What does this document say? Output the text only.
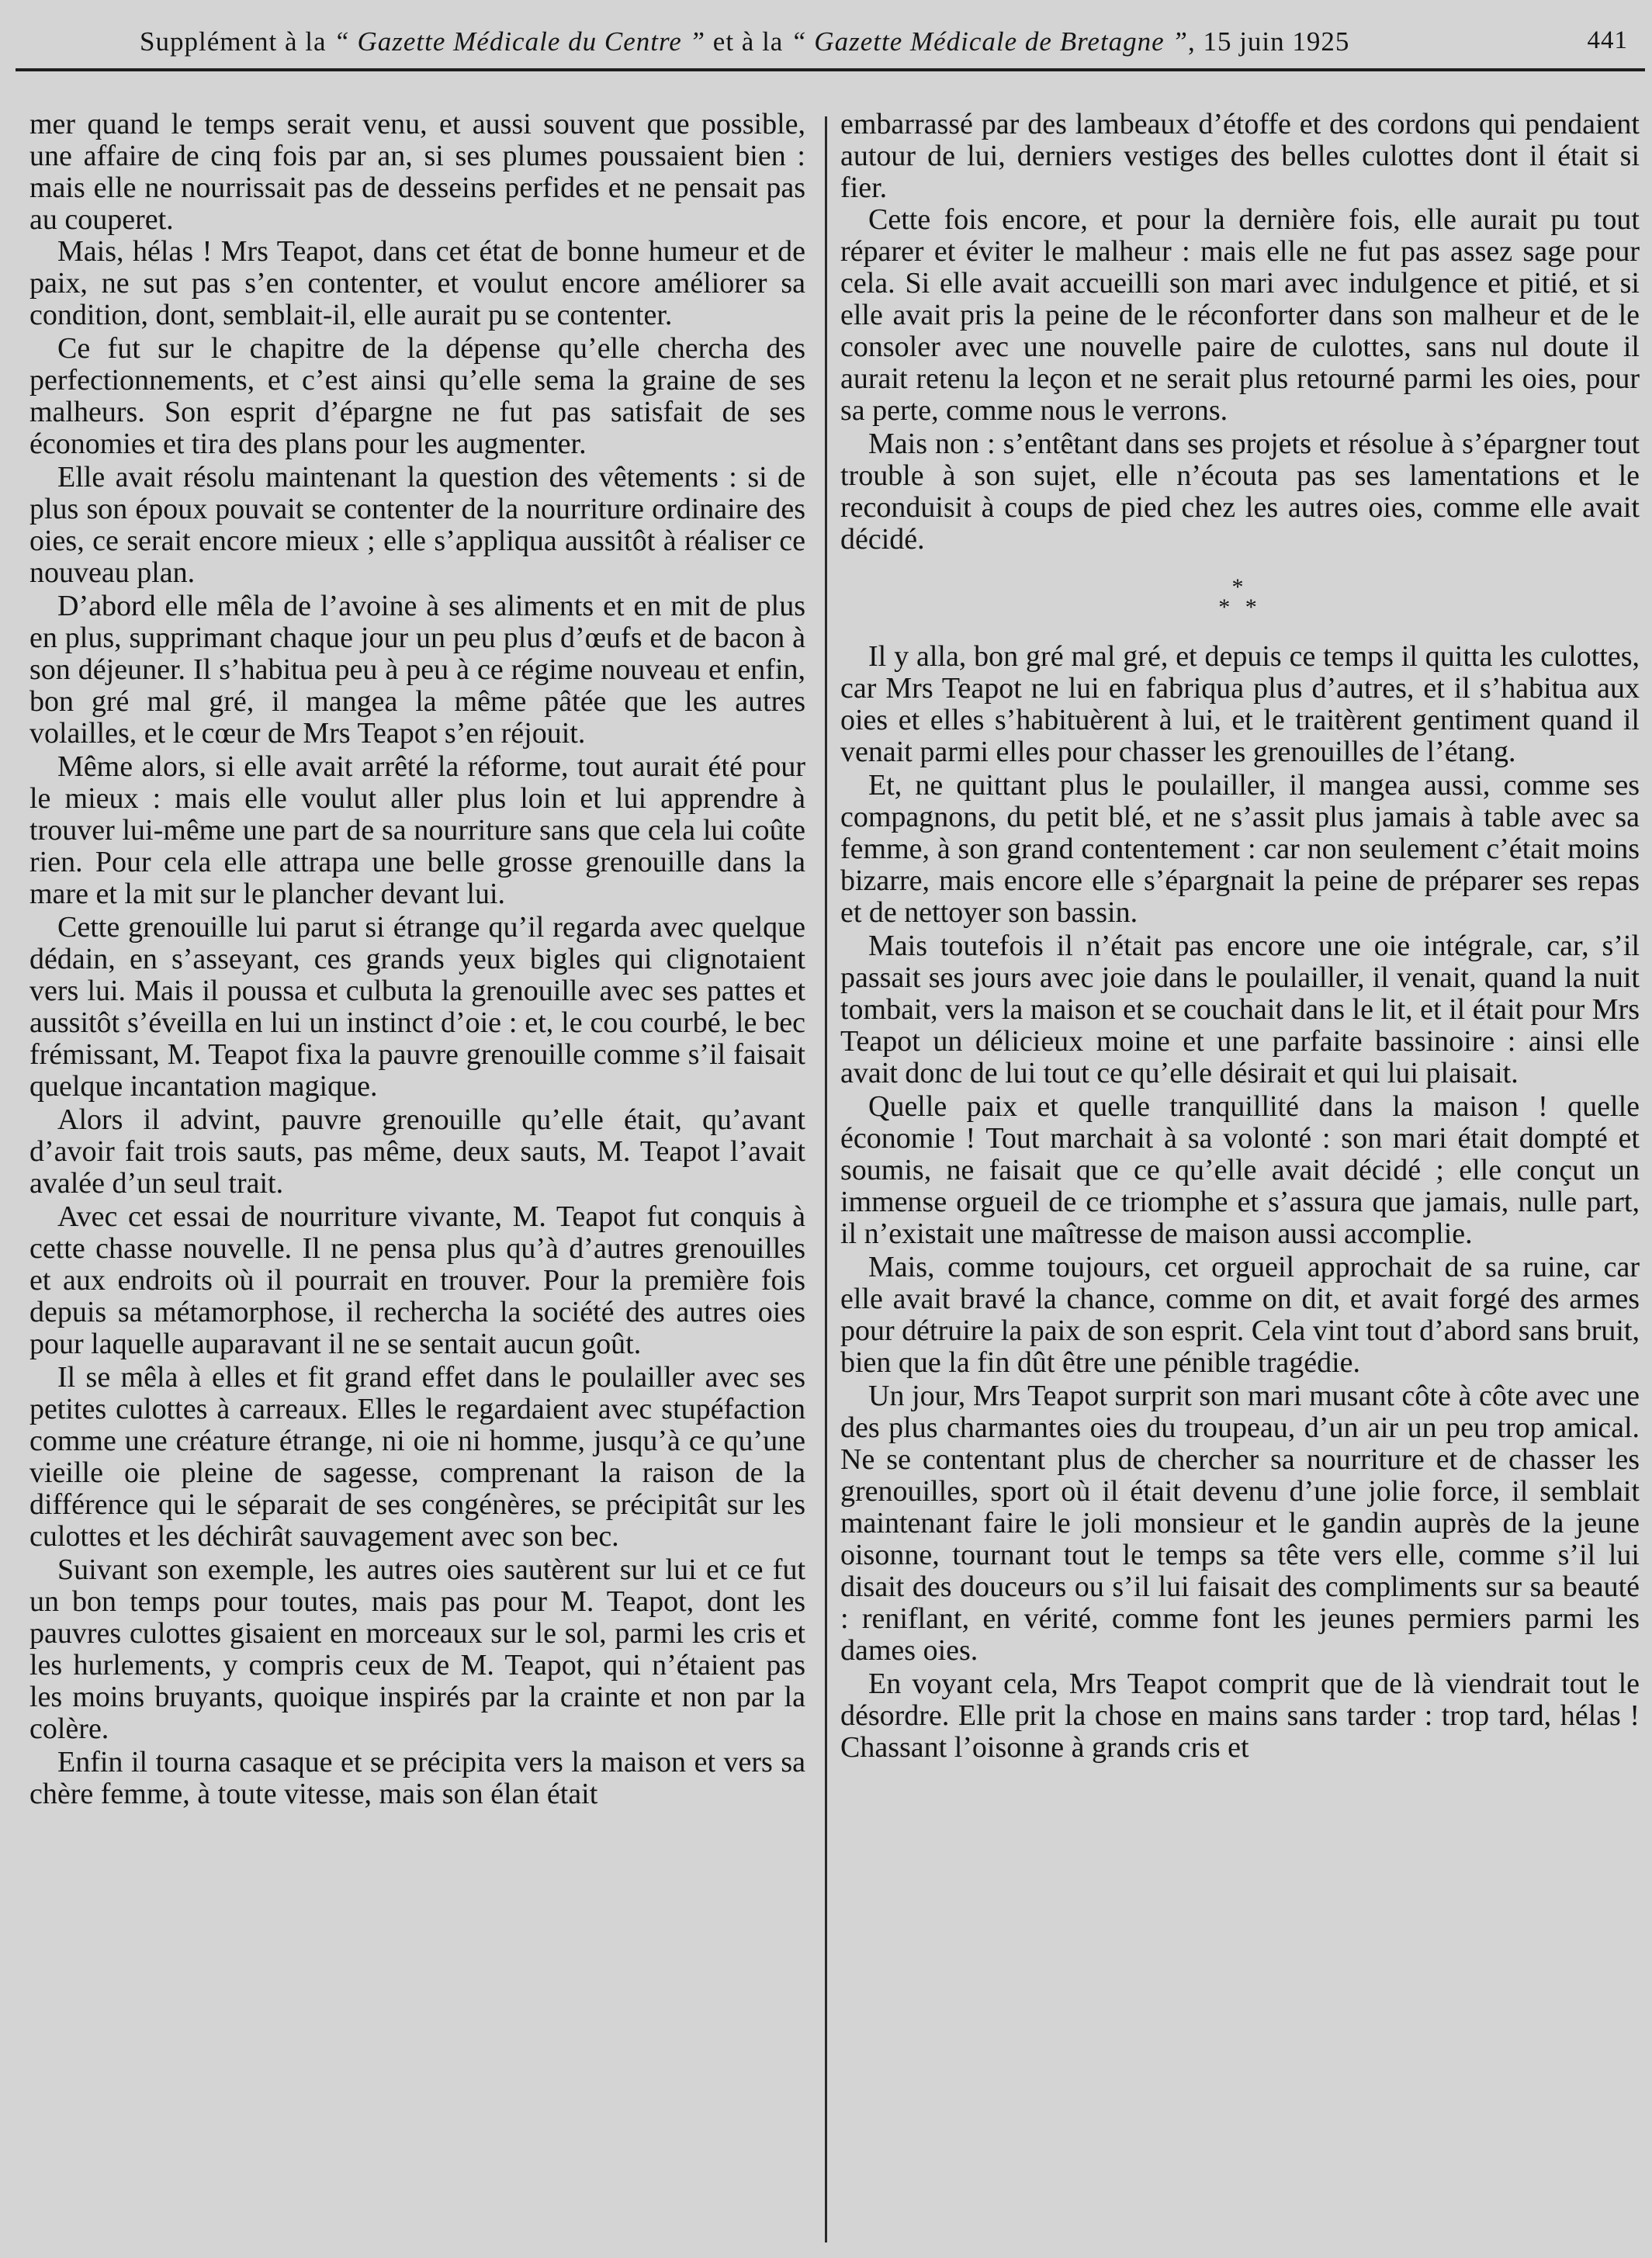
Supplément à la “ Gazette Médicale du Centre ” et à la “ Gazette Médicale de Bretagne ”, 15 juin 1925	441

mer quand le temps serait venu, et aussi souvent que possible, une affaire de cinq fois par an, si ses plumes poussaient bien : mais elle ne nourrissait pas de desseins perfides et ne pensait pas au couperet.

Mais, hélas ! Mrs Teapot, dans cet état de bonne humeur et de paix, ne sut pas s’en contenter, et voulut encore améliorer sa condition, dont, semblait-il, elle aurait pu se contenter.

Ce fut sur le chapitre de la dépense qu’elle chercha des perfectionnements, et c’est ainsi qu’elle sema la graine de ses malheurs. Son esprit d’épargne ne fut pas satisfait de ses économies et tira des plans pour les augmenter.

Elle avait résolu maintenant la question des vêtements : si de plus son époux pouvait se contenter de la nourriture ordinaire des oies, ce serait encore mieux ; elle s’appliqua aussitôt à réaliser ce nouveau plan.

D’abord elle mêla de l’avoine à ses aliments et en mit de plus en plus, supprimant chaque jour un peu plus d’œufs et de bacon à son déjeuner. Il s’habitua peu à peu à ce régime nouveau et enfin, bon gré mal gré, il mangea la même pâtée que les autres volailles, et le cœur de Mrs Teapot s’en réjouit.

Même alors, si elle avait arrêté la réforme, tout aurait été pour le mieux : mais elle voulut aller plus loin et lui apprendre à trouver lui-même une part de sa nourriture sans que cela lui coûte rien. Pour cela elle attrapa une belle grosse grenouille dans la mare et la mit sur le plancher devant lui.

Cette grenouille lui parut si étrange qu’il regarda avec quelque dédain, en s’asseyant, ces grands yeux bigles qui clignotaient vers lui. Mais il poussa et culbuta la grenouille avec ses pattes et aussitôt s’éveilla en lui un instinct d’oie : et, le cou courbé, le bec frémissant, M. Teapot fixa la pauvre grenouille comme s’il faisait quelque incantation magique.

Alors il advint, pauvre grenouille qu’elle était, qu’avant d’avoir fait trois sauts, pas même, deux sauts, M. Teapot l’avait avalée d’un seul trait.

Avec cet essai de nourriture vivante, M. Teapot fut conquis à cette chasse nouvelle. Il ne pensa plus qu’à d’autres grenouilles et aux endroits où il pourrait en trouver. Pour la première fois depuis sa métamorphose, il rechercha la société des autres oies pour laquelle auparavant il ne se sentait aucun goût.

Il se mêla à elles et fit grand effet dans le poulailler avec ses petites culottes à carreaux. Elles le regardaient avec stupéfaction comme une créature étrange, ni oie ni homme, jusqu’à ce qu’une vieille oie pleine de sagesse, comprenant la raison de la différence qui le séparait de ses congénères, se précipitât sur les culottes et les déchirât sauvagement avec son bec.

Suivant son exemple, les autres oies sautèrent sur lui et ce fut un bon temps pour toutes, mais pas pour M. Teapot, dont les pauvres culottes gisaient en morceaux sur le sol, parmi les cris et les hurlements, y compris ceux de M. Teapot, qui n’étaient pas les moins bruyants, quoique inspirés par la crainte et non par la colère.

Enfin il tourna casaque et se précipita vers la maison et vers sa chère femme, à toute vitesse, mais son élan était

embarrassé par des lambeaux d’étoffe et des cordons qui pendaient autour de lui, derniers vestiges des belles culottes dont il était si fier.

Cette fois encore, et pour la dernière fois, elle aurait pu tout réparer et éviter le malheur : mais elle ne fut pas assez sage pour cela. Si elle avait accueilli son mari avec indulgence et pitié, et si elle avait pris la peine de le réconforter dans son malheur et de le consoler avec une nouvelle paire de culottes, sans nul doute il aurait retenu la leçon et ne serait plus retourné parmi les oies, pour sa perte, comme nous le verrons.

Mais non : s’entêtant dans ses projets et résolue à s’épargner tout trouble à son sujet, elle n’écouta pas ses lamentations et le reconduisit à coups de pied chez les autres oies, comme elle avait décidé.

*
* *

Il y alla, bon gré mal gré, et depuis ce temps il quitta les culottes, car Mrs Teapot ne lui en fabriqua plus d’autres, et il s’habitua aux oies et elles s’habituèrent à lui, et le traitèrent gentiment quand il venait parmi elles pour chasser les grenouilles de l’étang.

Et, ne quittant plus le poulailler, il mangea aussi, comme ses compagnons, du petit blé, et ne s’assit plus jamais à table avec sa femme, à son grand contentement : car non seulement c’était moins bizarre, mais encore elle s’épargnait la peine de préparer ses repas et de nettoyer son bassin.

Mais toutefois il n’était pas encore une oie intégrale, car, s’il passait ses jours avec joie dans le poulailler, il venait, quand la nuit tombait, vers la maison et se couchait dans le lit, et il était pour Mrs Teapot un délicieux moine et une parfaite bassinoire : ainsi elle avait donc de lui tout ce qu’elle désirait et qui lui plaisait.

Quelle paix et quelle tranquillité dans la maison ! quelle économie ! Tout marchait à sa volonté : son mari était dompté et soumis, ne faisait que ce qu’elle avait décidé ; elle conçut un immense orgueil de ce triomphe et s’assura que jamais, nulle part, il n’existait une maîtresse de maison aussi accomplie.

Mais, comme toujours, cet orgueil approchait de sa ruine, car elle avait bravé la chance, comme on dit, et avait forgé des armes pour détruire la paix de son esprit. Cela vint tout d’abord sans bruit, bien que la fin dût être une pénible tragédie.

Un jour, Mrs Teapot surprit son mari musant côte à côte avec une des plus charmantes oies du troupeau, d’un air un peu trop amical. Ne se contentant plus de chercher sa nourriture et de chasser les grenouilles, sport où il était devenu d’une jolie force, il semblait maintenant faire le joli monsieur et le gandin auprès de la jeune oisonne, tournant tout le temps sa tête vers elle, comme s’il lui disait des douceurs ou s’il lui faisait des compliments sur sa beauté : reniflant, en vérité, comme font les jeunes permiers parmi les dames oies.

En voyant cela, Mrs Teapot comprit que de là viendrait tout le désordre. Elle prit la chose en mains sans tarder : trop tard, hélas ! Chassant l’oisonne à grands cris et
